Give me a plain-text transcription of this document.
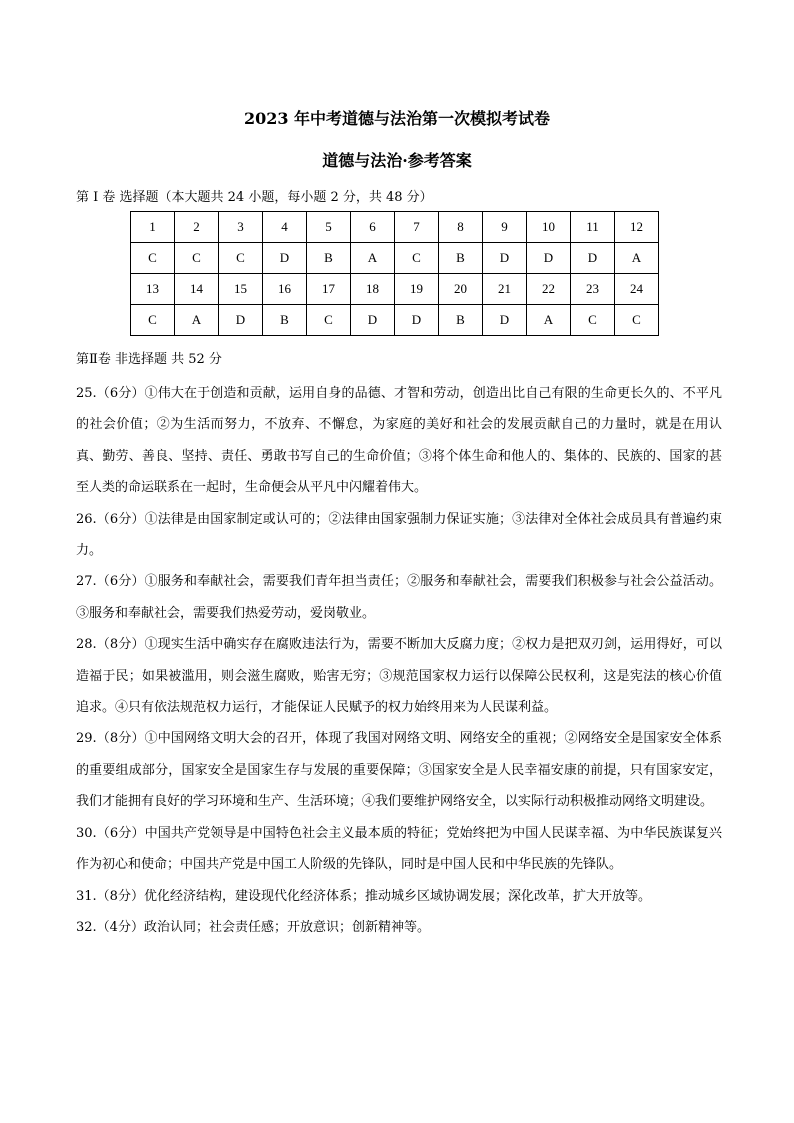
2023 年中考道德与法治第一次模拟考试卷
道德与法治·参考答案
第 I 卷 选择题（本大题共 24 小题，每小题 2 分，共 48 分）
1	2	3	4	5	6	7	8	9	10	11	12
C	C	C	D	B	A	C	B	D	D	D	A
13	14	15	16	17	18	19	20	21	22	23	24
C	A	D	B	C	D	D	B	D	A	C	C
第Ⅱ卷 非选择题 共 52 分

25.（6分）①伟大在于创造和贡献，运用自身的品德、才智和劳动，创造出比自己有限的生命更长久的、不平凡的社会价值；②为生活而努力，不放弃、不懈怠，为家庭的美好和社会的发展贡献自己的力量时，就是在用认真、勤劳、善良、坚持、责任、勇敢书写自己的生命价值；③将个体生命和他人的、集体的、民族的、国家的甚至人类的命运联系在一起时，生命便会从平凡中闪耀着伟大。

26.（6分）①法律是由国家制定或认可的；②法律由国家强制力保证实施；③法律对全体社会成员具有普遍约束力。

27.（6分）①服务和奉献社会，需要我们青年担当责任；②服务和奉献社会，需要我们积极参与社会公益活动。③服务和奉献社会，需要我们热爱劳动，爱岗敬业。

28.（8分）①现实生活中确实存在腐败违法行为，需要不断加大反腐力度；②权力是把双刃剑，运用得好，可以造福于民；如果被滥用，则会滋生腐败，贻害无穷；③规范国家权力运行以保障公民权利，这是宪法的核心价值追求。④只有依法规范权力运行，才能保证人民赋予的权力始终用来为人民谋利益。

29.（8分）①中国网络文明大会的召开，体现了我国对网络文明、网络安全的重视；②网络安全是国家安全体系的重要组成部分，国家安全是国家生存与发展的重要保障；③国家安全是人民幸福安康的前提，只有国家安定，我们才能拥有良好的学习环境和生产、生活环境；④我们要维护网络安全，以实际行动积极推动网络文明建设。

30.（6分）中国共产党领导是中国特色社会主义最本质的特征；党始终把为中国人民谋幸福、为中华民族谋复兴作为初心和使命；中国共产党是中国工人阶级的先锋队，同时是中国人民和中华民族的先锋队。

31.（8分）优化经济结构，建设现代化经济体系；推动城乡区域协调发展；深化改革，扩大开放等。

32.（4分）政治认同；社会责任感；开放意识；创新精神等。
